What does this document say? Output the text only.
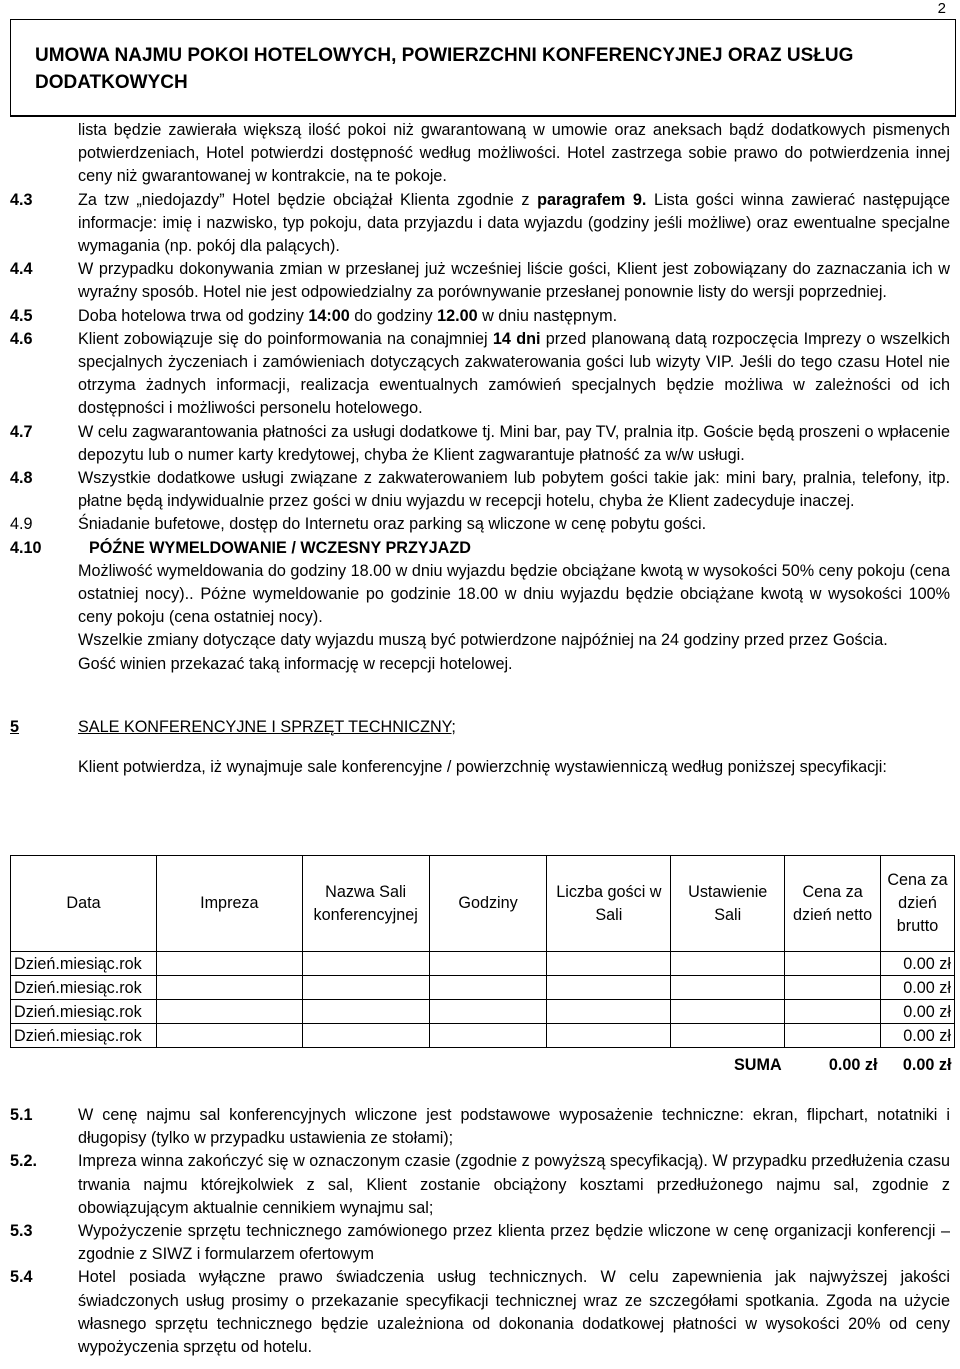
2
UMOWA NAJMU POKOI HOTELOWYCH, POWIERZCHNI KONFERENCYJNEJ ORAZ USŁUG
DODATKOWYCH
lista będzie zawierała większą ilość pokoi niż gwarantowaną w umowie oraz aneksach bądź dodatkowych pismenych potwierdzeniach, Hotel potwierdzi dostępność według możliwości. Hotel zastrzega sobie prawo do potwierdzenia innej ceny niż gwarantowanej w kontrakcie, na te pokoje.
4.3	Za tzw „niedojazdy” Hotel będzie obciążał Klienta zgodnie z paragrafem 9. Lista gości winna zawierać następujące informacje: imię i nazwisko, typ pokoju, data przyjazdu i data wyjazdu (godziny jeśli możliwe) oraz ewentualne specjalne wymagania (np. pokój dla palących).
4.4	W przypadku dokonywania zmian w przesłanej już wcześniej liście gości, Klient jest zobowiązany do zaznaczania ich w wyraźny sposób. Hotel nie jest odpowiedzialny za porównywanie przesłanej ponownie listy do wersji poprzedniej.
4.5	Doba hotelowa trwa od godziny 14:00 do godziny 12.00 w dniu następnym.
4.6	Klient zobowiązuje się do poinformowania na conajmniej 14 dni przed planowaną datą rozpoczęcia Imprezy o wszelkich specjalnych życzeniach i zamówieniach dotyczących zakwaterowania gości lub wizyty VIP. Jeśli do tego czasu Hotel nie otrzyma żadnych informacji, realizacja ewentualnych zamówień specjalnych będzie możliwa w zależności od ich dostępności i możliwości personelu hotelowego.
4.7	W celu zagwarantowania płatności za usługi dodatkowe tj. Mini bar, pay TV, pralnia itp. Goście będą proszeni o wpłacenie depozytu lub o numer karty kredytowej, chyba że Klient zagwarantuje płatność za w/w usługi.
4.8	Wszystkie dodatkowe usługi związane z zakwaterowaniem lub pobytem gości takie jak: mini bary, pralnia, telefony, itp. płatne będą indywidualnie przez gości w dniu wyjazdu w recepcji hotelu, chyba że Klient zadecyduje inaczej.
4.9	Śniadanie bufetowe, dostęp do Internetu oraz parking są wliczone w cenę pobytu gości.
4.10	PÓŹNE WYMELDOWANIE / WCZESNY PRZYJAZD
Możliwość wymeldowania do godziny 18.00 w dniu wyjazdu będzie obciążane kwotą w wysokości 50% ceny pokoju (cena ostatniej nocy).. Póżne wymeldowanie po godzinie 18.00 w dniu wyjazdu będzie obciążane kwotą w wysokości 100% ceny pokoju (cena ostatniej nocy).
Wszelkie zmiany dotyczące daty wyjazdu muszą być potwierdzone najpóźniej na 24 godziny przed przez Gościa.
Gość winien przekazać taką informację w recepcji hotelowej.
5	SALE KONFERENCYJNE I SPRZĘT TECHNICZNY;
Klient potwierdza, iż wynajmuje sale konferencyjne / powierzchnię wystawienniczą według poniższej specyfikacji:
Data	Impreza	Nazwa Sali konferencyjnej	Godziny	Liczba gości w Sali	Ustawienie Sali	Cena za dzień netto	Cena za dzień brutto
Dzień.miesiąc.rok							0.00 zł
Dzień.miesiąc.rok							0.00 zł
Dzień.miesiąc.rok							0.00 zł
Dzień.miesiąc.rok							0.00 zł
					SUMA	0.00 zł	0.00 zł
5.1	W cenę najmu sal konferencyjnych wliczone jest podstawowe wyposażenie techniczne: ekran, flipchart, notatniki i długopisy (tylko w przypadku ustawienia ze stołami);
5.2.	Impreza winna zakończyć się w oznaczonym czasie (zgodnie z powyższą specyfikacją). W przypadku przedłużenia czasu trwania najmu którejkolwiek z sal, Klient zostanie obciążony kosztami przedłużonego najmu sal, zgodnie z obowiązującym aktualnie cennikiem wynajmu sal;
5.3	Wypożyczenie sprzętu technicznego zamówionego przez klienta przez będzie wliczone w cenę organizacji konferencji – zgodnie z SIWZ i formularzem ofertowym
5.4	Hotel posiada wyłączne prawo świadczenia usług technicznych. W celu zapewnienia jak najwyższej jakości świadczonych usług prosimy o przekazanie specyfikacji technicznej wraz ze szczegółami spotkania. Zgoda na użycie własnego sprzętu technicznego będzie uzależniona od dokonania dodatkowej płatności w wysokości 20% od ceny wypożyczenia sprzętu od hotelu.
